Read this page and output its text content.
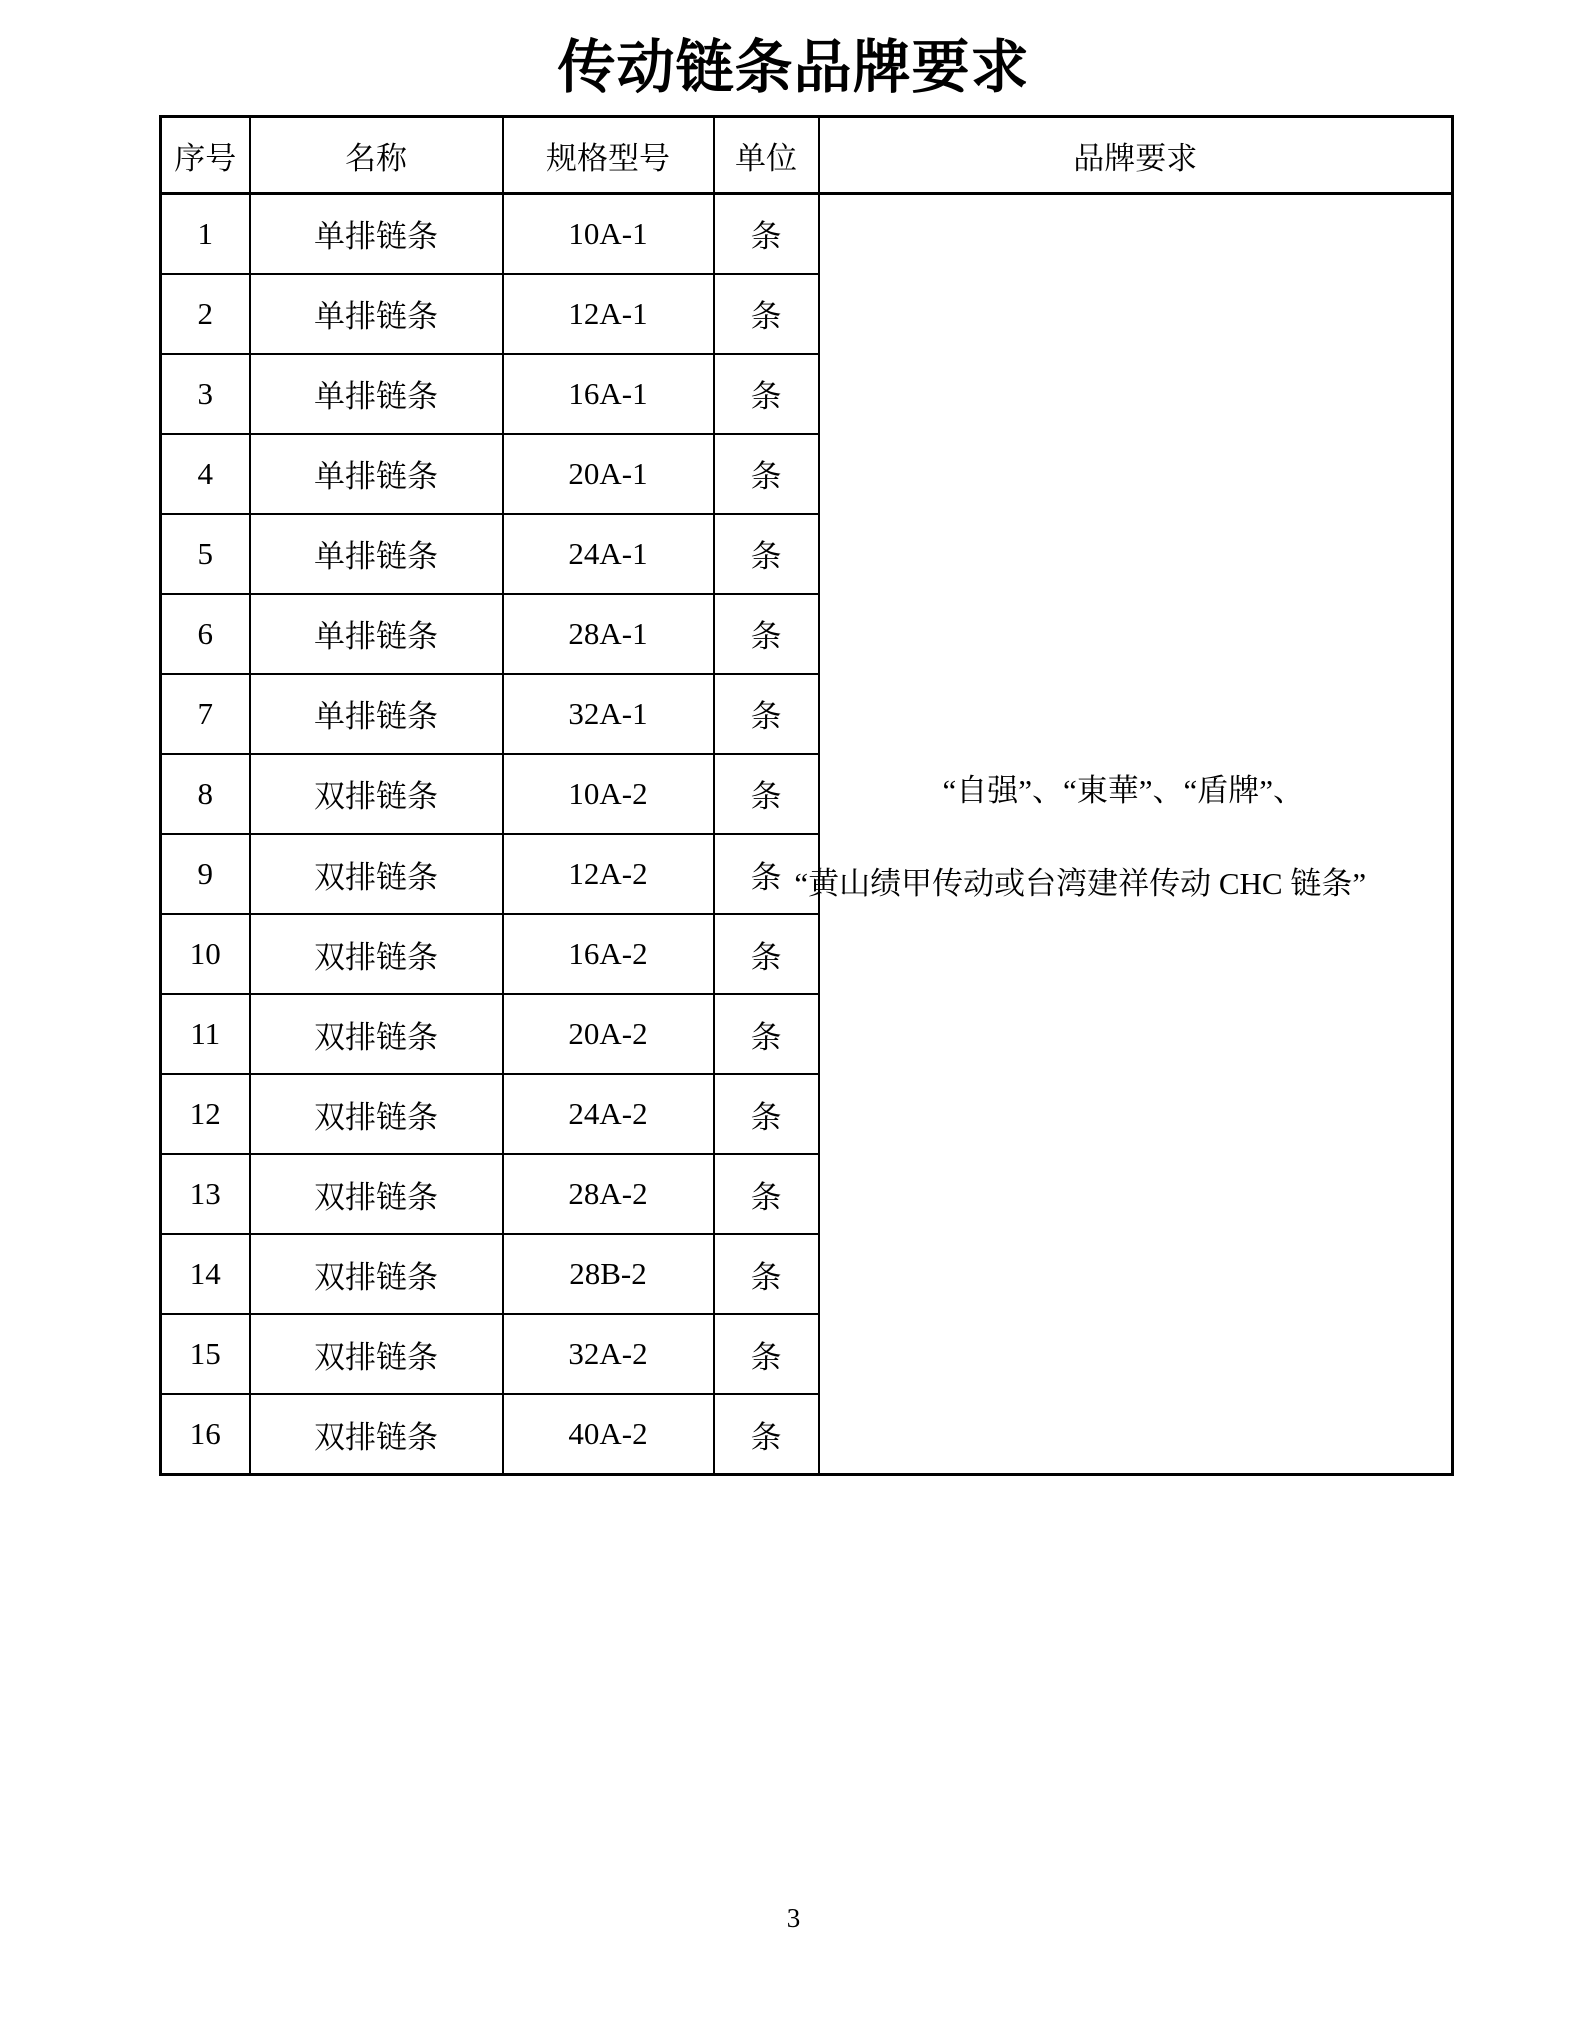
传动链条品牌要求
序号	名称	规格型号	单位	品牌要求
1	单排链条	10A-1	条	“自强”、“東華”、“盾牌”、
“黄山绩甲传动或台湾建祥传动 CHC 链条”

2	单排链条	12A-1	条	
3	单排链条	16A-1	条	
4	单排链条	20A-1	条	
5	单排链条	24A-1	条	
6	单排链条	28A-1	条	
7	单排链条	32A-1	条	
8	双排链条	10A-2	条	
9	双排链条	12A-2	条	
10	双排链条	16A-2	条	
11	双排链条	20A-2	条	
12	双排链条	24A-2	条	
13	双排链条	28A-2	条	
14	双排链条	28B-2	条	
15	双排链条	32A-2	条	
16	双排链条	40A-2	条	
3
